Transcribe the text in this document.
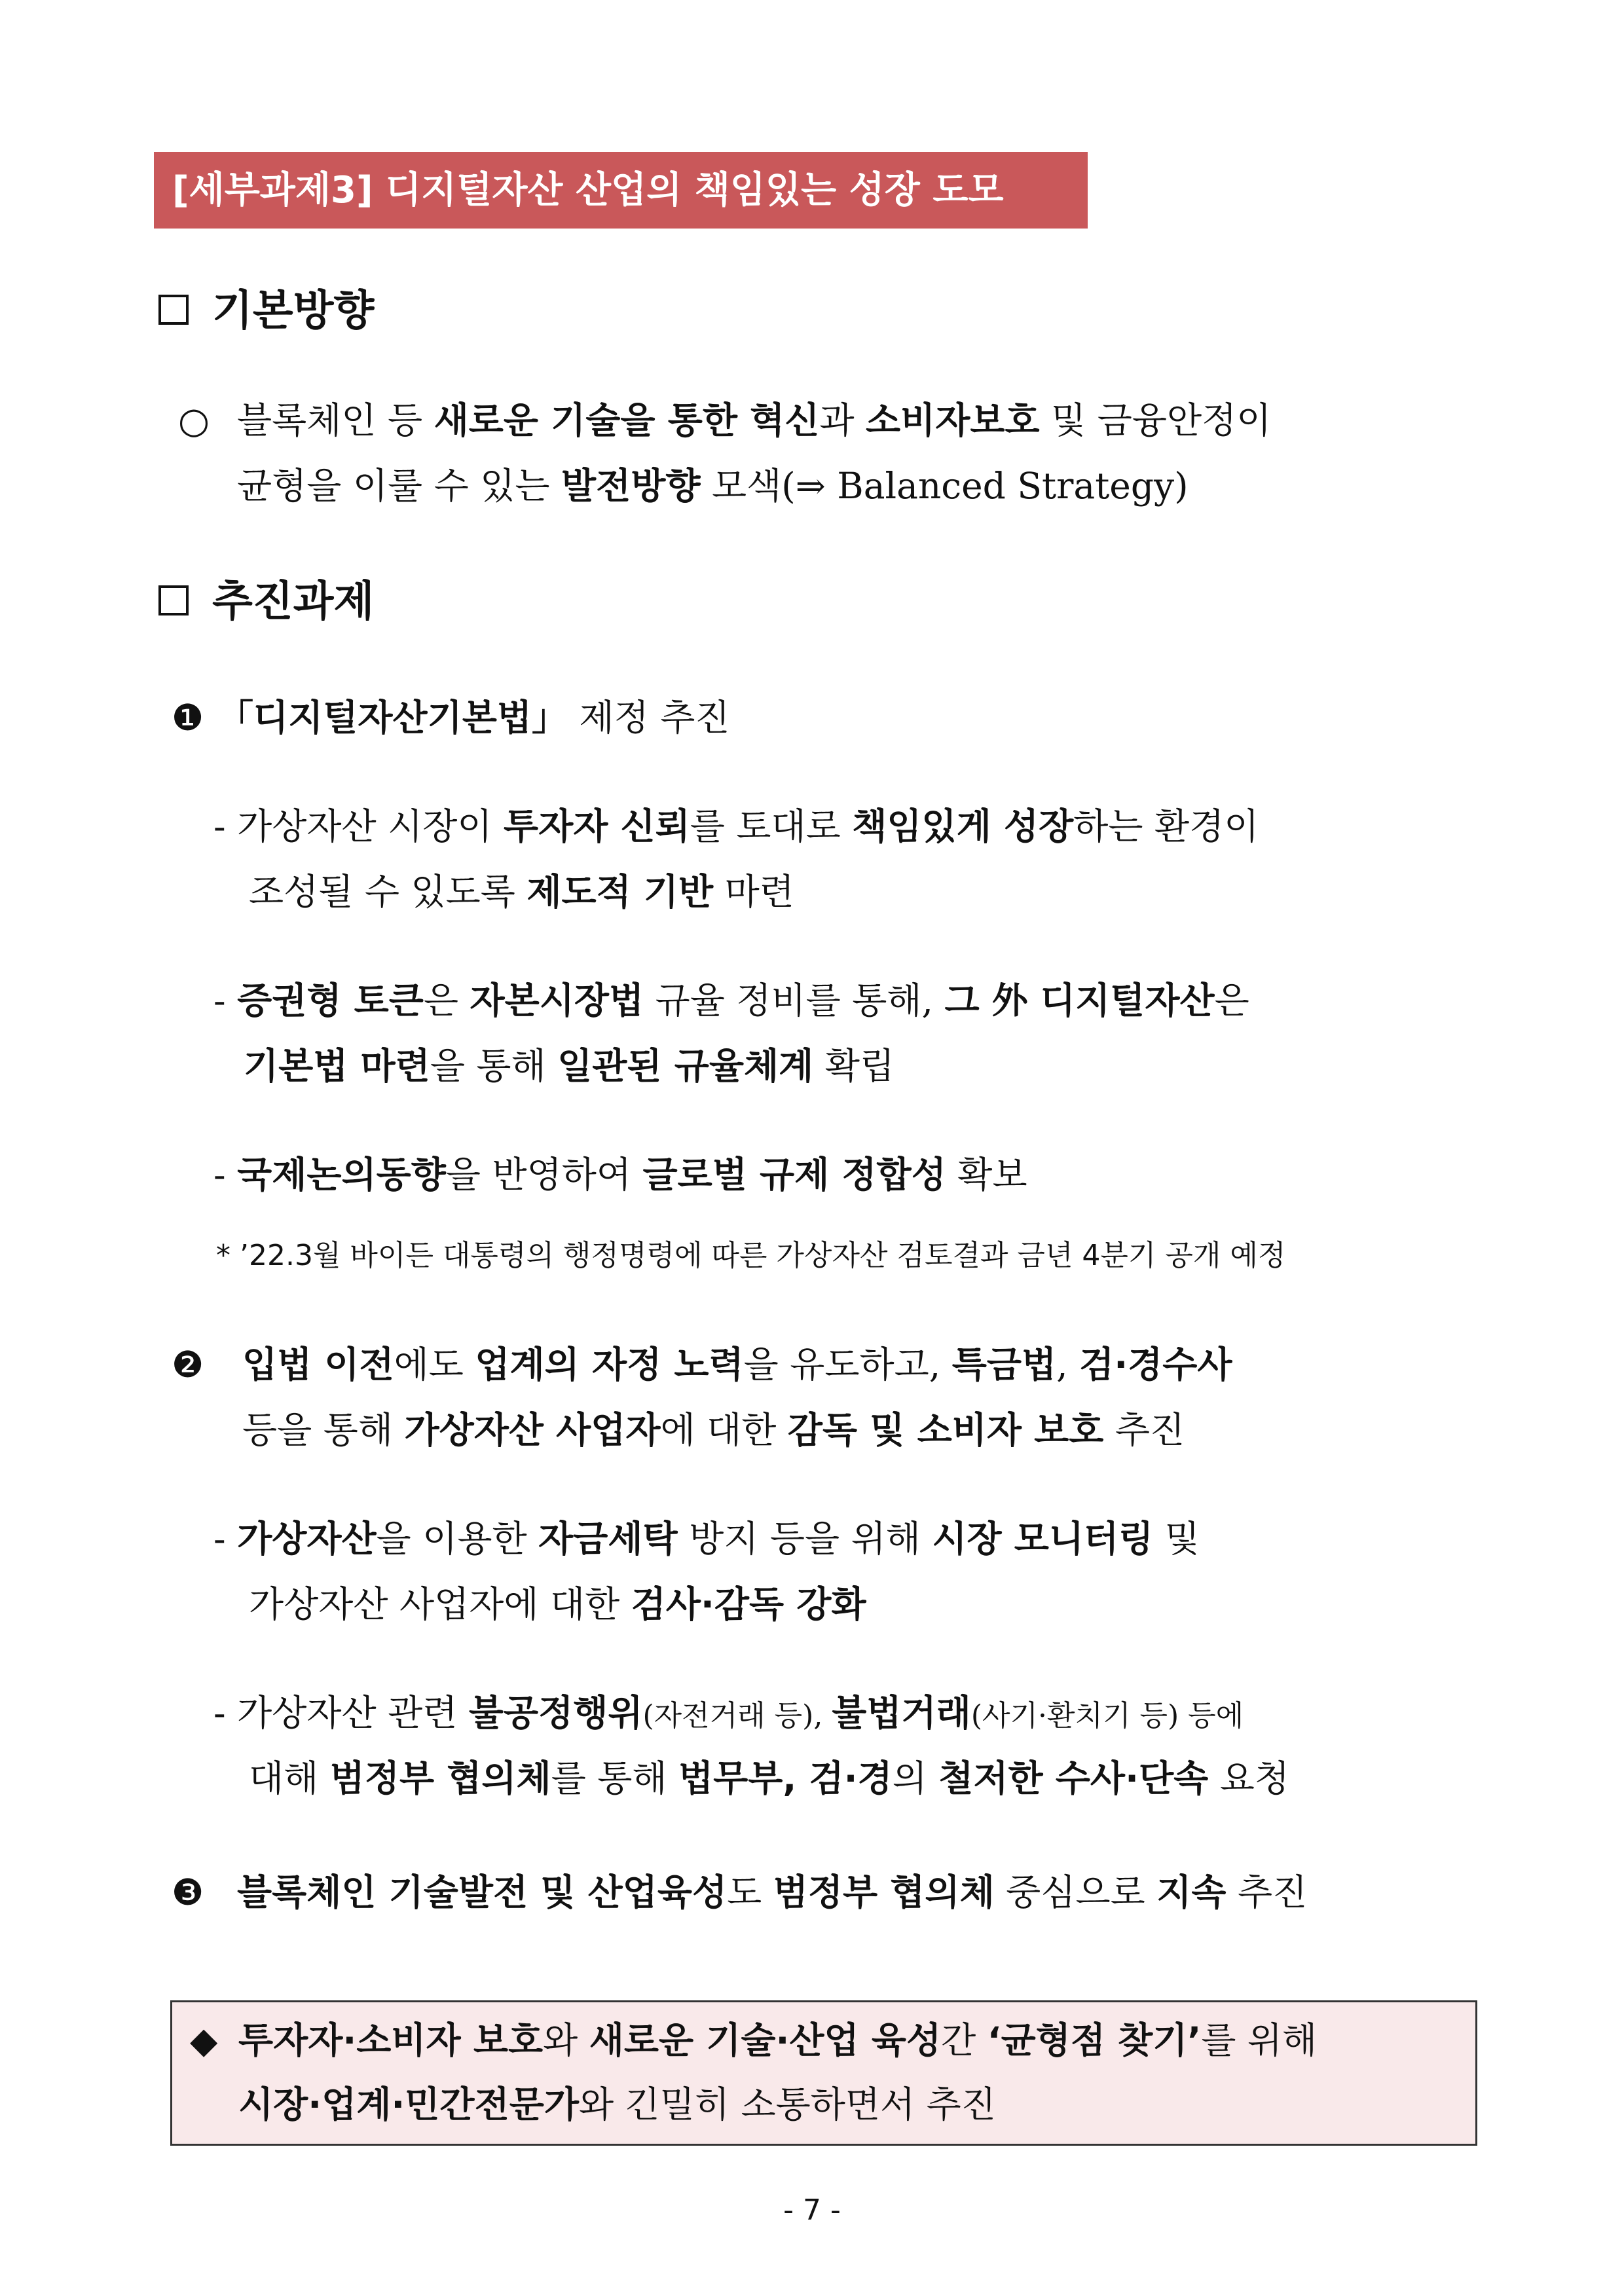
[세부과제3] 디지털자산 산업의 책임있는 성장 도모
기본방향
○ 블록체인 등 새로운 기술을 통한 혁신과 소비자보호 및 금융안정이
균형을 이룰 수 있는 발전방향 모색(⇒ Balanced Strategy)
추진과제
❶ 「디지털자산기본법」 제정 추진
- 가상자산 시장이 투자자 신뢰를 토대로 책임있게 성장하는 환경이
조성될 수 있도록 제도적 기반 마련
- 증권형 토큰은 자본시장법 규율 정비를 통해, 그 外 디지털자산은
기본법 마련을 통해 일관된 규율체계 확립
- 국제논의동향을 반영하여 글로벌 규제 정합성 확보
* ’22.3월 바이든 대통령의 행정명령에 따른 가상자산 검토결과 금년 4분기 공개 예정
❷ 입법 이전에도 업계의 자정 노력을 유도하고, 특금법, 검·경수사
등을 통해 가상자산 사업자에 대한 감독 및 소비자 보호 추진
- 가상자산을 이용한 자금세탁 방지 등을 위해 시장 모니터링 및
가상자산 사업자에 대한 검사·감독 강화
- 가상자산 관련 불공정행위(자전거래 등), 불법거래(사기·환치기 등) 등에
대해 범정부 협의체를 통해 법무부, 검·경의 철저한 수사·단속 요청
❸ 블록체인 기술발전 및 산업육성도 범정부 협의체 중심으로 지속 추진
◆ 투자자·소비자 보호와 새로운 기술·산업 육성간 ‘균형점 찾기’를 위해
시장·업계·민간전문가와 긴밀히 소통하면서 추진
- 7 -
